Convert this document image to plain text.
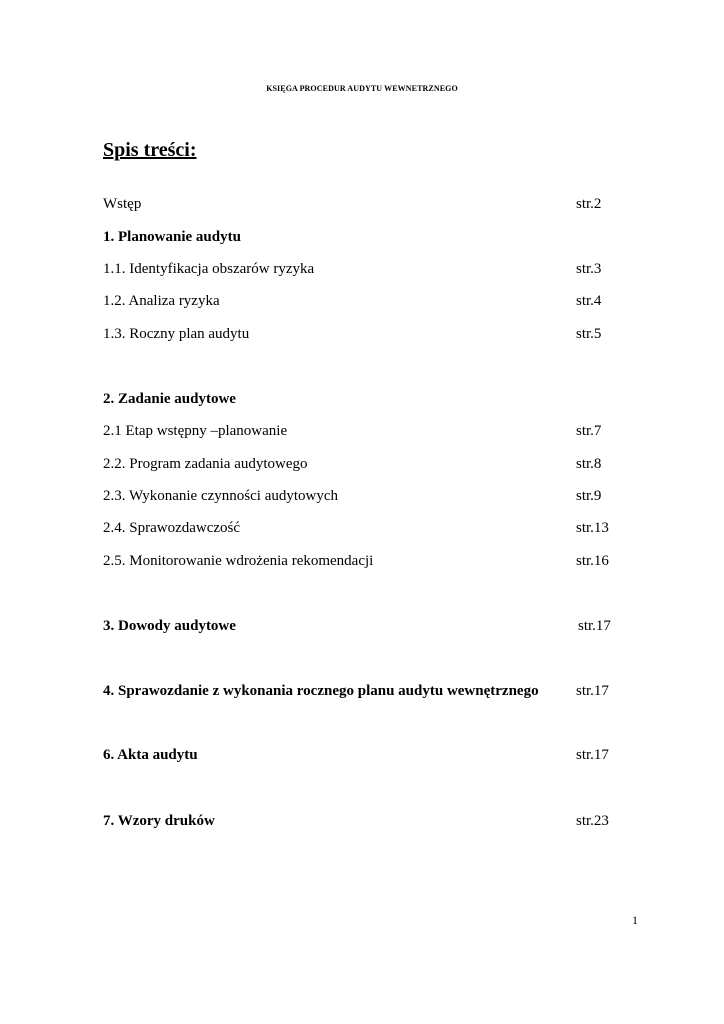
KSIĘGA PROCEDUR AUDYTU WEWNETRZNEGO
Spis treści:
Wstęp	str.2
1. Planowanie audytu
1.1. Identyfikacja obszarów ryzyka	str.3
1.2. Analiza ryzyka	str.4
1.3. Roczny plan audytu	str.5
2. Zadanie audytowe
2.1 Etap wstępny –planowanie	str.7
2.2. Program zadania audytowego	str.8
2.3. Wykonanie czynności audytowych	str.9
2.4. Sprawozdawczość	str.13
2.5. Monitorowanie wdrożenia rekomendacji	str.16
3. Dowody audytowe	str.17
4. Sprawozdanie z wykonania rocznego planu audytu wewnętrznego str.17
6. Akta audytu	str.17
7. Wzory druków	str.23
1
